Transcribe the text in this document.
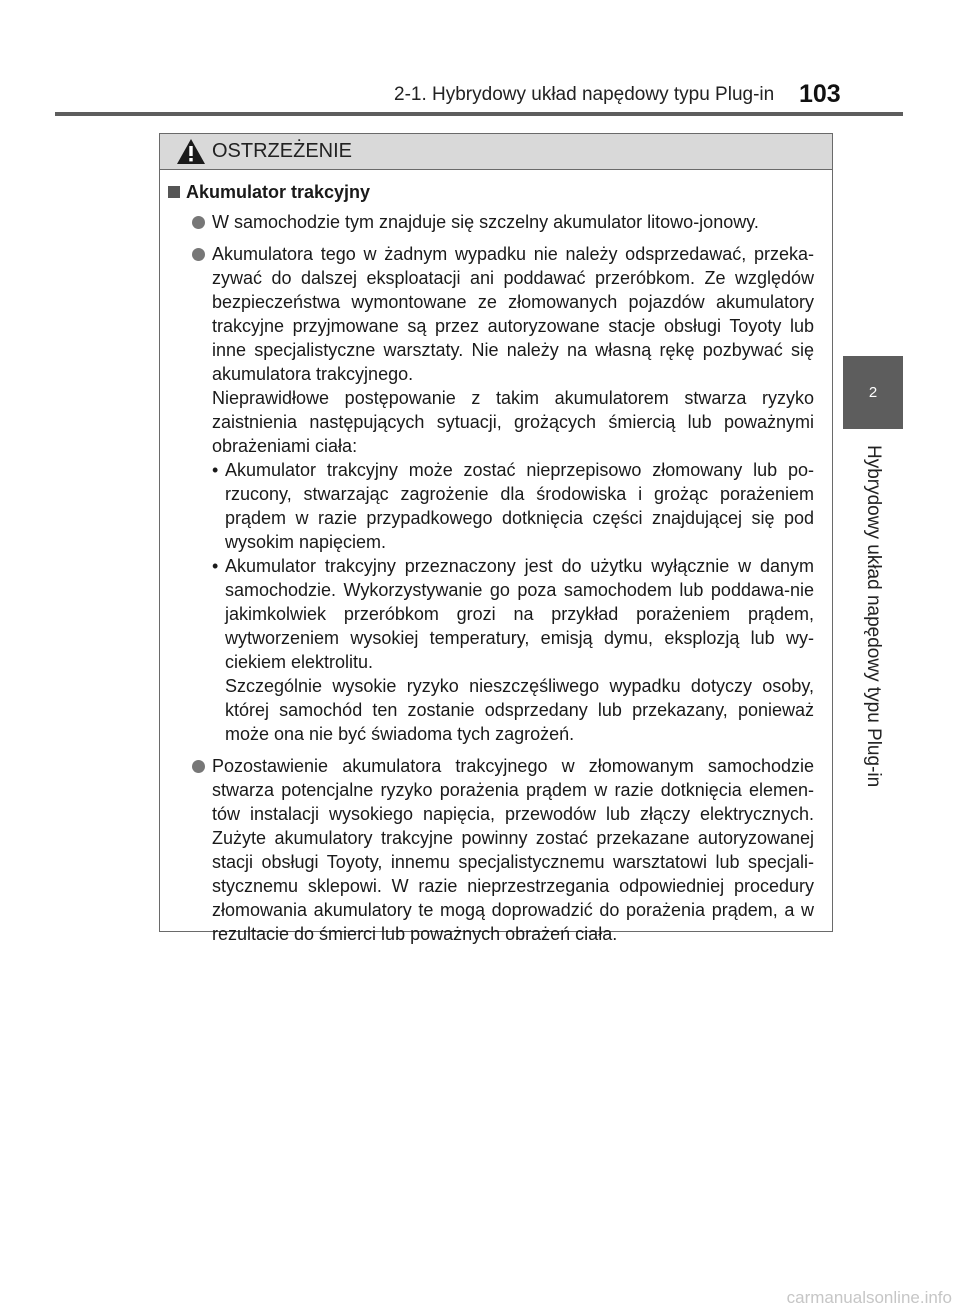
2-1. Hybrydowy układ napędowy typu Plug-in 103
2
Hybrydowy układ napędowy typu Plug-in
OSTRZEŻENIE
Akumulator trakcyjny

W samochodzie tym znajduje się szczelny akumulator litowo-jonowy.

Akumulatora tego w żadnym wypadku nie należy odsprzedawać, przeka-zywać do dalszej eksploatacji ani poddawać przeróbkom. Ze względów bezpieczeństwa wymontowane ze złomowanych pojazdów akumulatory trakcyjne przyjmowane są przez autoryzowane stacje obsługi Toyoty lub inne specjalistyczne warsztaty. Nie należy na własną rękę pozbywać się akumulatora trakcyjnego.

Nieprawidłowe postępowanie z takim akumulatorem stwarza ryzyko zaistnienia następujących sytuacji, grożących śmiercią lub poważnymi obrażeniami ciała:

• Akumulator trakcyjny może zostać nieprzepisowo złomowany lub po-rzucony, stwarzając zagrożenie dla środowiska i grożąc porażeniem prądem w razie przypadkowego dotknięcia części znajdującej się pod wysokim napięciem.

• Akumulator trakcyjny przeznaczony jest do użytku wyłącznie w danym samochodzie. Wykorzystywanie go poza samochodem lub poddawa-nie jakimkolwiek przeróbkom grozi na przykład porażeniem prądem, wytworzeniem wysokiej temperatury, emisją dymu, eksplozją lub wy-ciekiem elektrolitu.

Szczególnie wysokie ryzyko nieszczęśliwego wypadku dotyczy osoby, której samochód ten zostanie odsprzedany lub przekazany, ponieważ może ona nie być świadoma tych zagrożeń.

Pozostawienie akumulatora trakcyjnego w złomowanym samochodzie stwarza potencjalne ryzyko porażenia prądem w razie dotknięcia elemen-tów instalacji wysokiego napięcia, przewodów lub złączy elektrycznych. Zużyte akumulatory trakcyjne powinny zostać przekazane autoryzowanej stacji obsługi Toyoty, innemu specjalistycznemu warsztatowi lub specjali-stycznemu sklepowi. W razie nieprzestrzegania odpowiedniej procedury złomowania akumulatory te mogą doprowadzić do porażenia prądem, a w rezultacie do śmierci lub poważnych obrażeń ciała.

carmanualsonline.info
